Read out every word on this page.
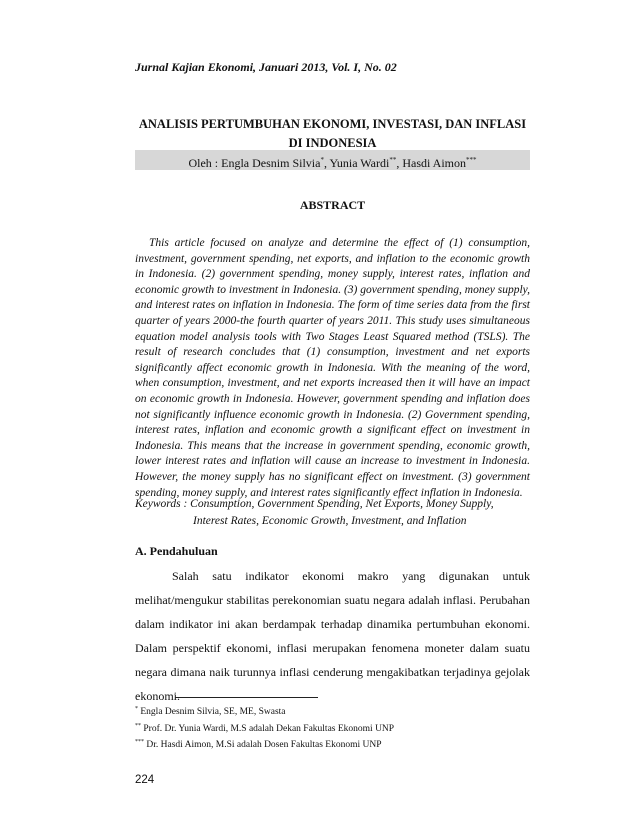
Jurnal Kajian Ekonomi, Januari 2013, Vol. I, No. 02
ANALISIS PERTUMBUHAN EKONOMI, INVESTASI, DAN INFLASI DI INDONESIA
Oleh : Engla Desnim Silvia*, Yunia Wardi**, Hasdi Aimon***
ABSTRACT

This article focused on analyze and determine the effect of (1) consumption, investment, government spending, net exports, and inflation to the economic growth in Indonesia. (2) government spending, money supply, interest rates, inflation and economic growth to investment in Indonesia. (3) government spending, money supply, and interest rates on inflation in Indonesia. The form of time series data from the first quarter of years 2000-the fourth quarter of years 2011. This study uses simultaneous equation model analysis tools with Two Stages Least Squared method (TSLS). The result of research concludes that (1) consumption, investment and net exports significantly affect economic growth in Indonesia. With the meaning of the word, when consumption, investment, and net exports increased then it will have an impact on economic growth in Indonesia. However, government spending and inflation does not significantly influence economic growth in Indonesia. (2) Government spending, interest rates, inflation and economic growth a significant effect on investment in Indonesia. This means that the increase in government spending, economic growth, lower interest rates and inflation will cause an increase to investment in Indonesia. However, the money supply has no significant effect on investment. (3) government spending, money supply, and interest rates significantly effect inflation in Indonesia.

Keywords : Consumption, Government Spending, Net Exports, Money Supply,
Interest Rates, Economic Growth, Investment, and Inflation

A. Pendahuluan

Salah satu indikator ekonomi makro yang digunakan untuk melihat/mengukur stabilitas perekonomian suatu negara adalah inflasi. Perubahan dalam indikator ini akan berdampak terhadap dinamika pertumbuhan ekonomi. Dalam perspektif ekonomi, inflasi merupakan fenomena moneter dalam suatu negara dimana naik turunnya inflasi cenderung mengakibatkan terjadinya gejolak ekonomi.

* Engla Desnim Silvia, SE, ME, Swasta
** Prof. Dr. Yunia Wardi, M.S adalah Dekan Fakultas Ekonomi UNP
*** Dr. Hasdi Aimon, M.Si adalah Dosen Fakultas Ekonomi UNP
224
